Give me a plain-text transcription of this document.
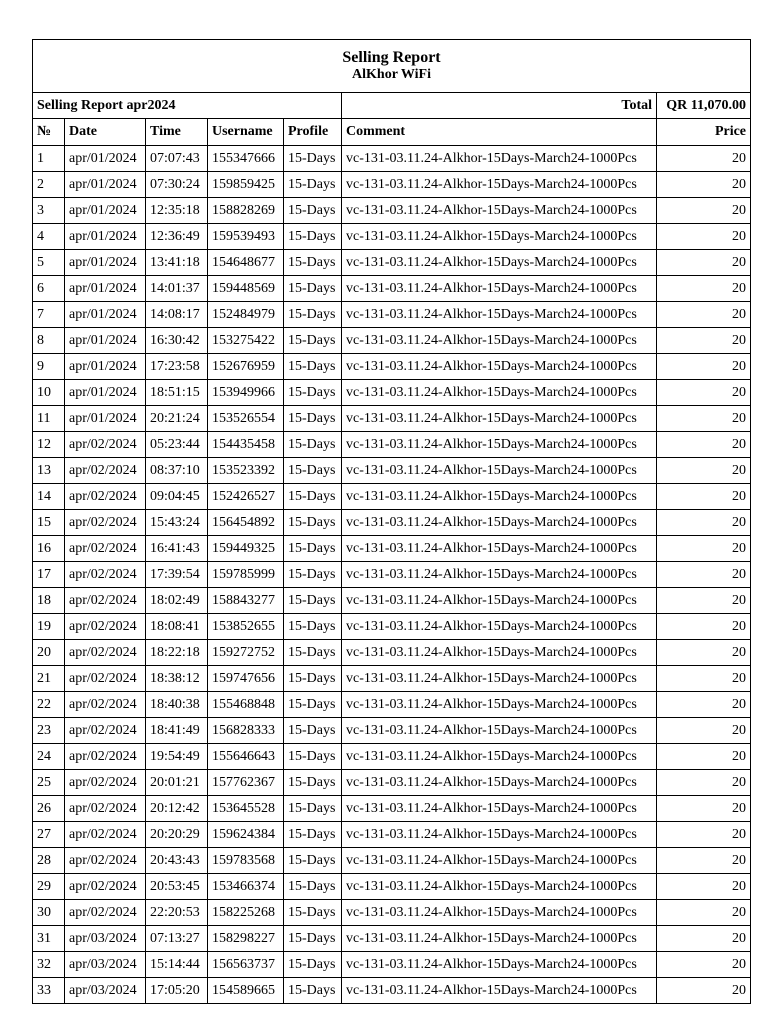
Selling Report
AlKhor WiFi						

Selling Report apr2024					Total	QR 11,070.00
№	Date	Time	Username	Profile	Comment	Price
1	apr/01/2024	07:07:43	155347666	15-Days	vc-131-03.11.24-Alkhor-15Days-March24-1000Pcs	20
2	apr/01/2024	07:30:24	159859425	15-Days	vc-131-03.11.24-Alkhor-15Days-March24-1000Pcs	20
3	apr/01/2024	12:35:18	158828269	15-Days	vc-131-03.11.24-Alkhor-15Days-March24-1000Pcs	20
4	apr/01/2024	12:36:49	159539493	15-Days	vc-131-03.11.24-Alkhor-15Days-March24-1000Pcs	20
5	apr/01/2024	13:41:18	154648677	15-Days	vc-131-03.11.24-Alkhor-15Days-March24-1000Pcs	20
6	apr/01/2024	14:01:37	159448569	15-Days	vc-131-03.11.24-Alkhor-15Days-March24-1000Pcs	20
7	apr/01/2024	14:08:17	152484979	15-Days	vc-131-03.11.24-Alkhor-15Days-March24-1000Pcs	20
8	apr/01/2024	16:30:42	153275422	15-Days	vc-131-03.11.24-Alkhor-15Days-March24-1000Pcs	20
9	apr/01/2024	17:23:58	152676959	15-Days	vc-131-03.11.24-Alkhor-15Days-March24-1000Pcs	20
10	apr/01/2024	18:51:15	153949966	15-Days	vc-131-03.11.24-Alkhor-15Days-March24-1000Pcs	20
11	apr/01/2024	20:21:24	153526554	15-Days	vc-131-03.11.24-Alkhor-15Days-March24-1000Pcs	20
12	apr/02/2024	05:23:44	154435458	15-Days	vc-131-03.11.24-Alkhor-15Days-March24-1000Pcs	20
13	apr/02/2024	08:37:10	153523392	15-Days	vc-131-03.11.24-Alkhor-15Days-March24-1000Pcs	20
14	apr/02/2024	09:04:45	152426527	15-Days	vc-131-03.11.24-Alkhor-15Days-March24-1000Pcs	20
15	apr/02/2024	15:43:24	156454892	15-Days	vc-131-03.11.24-Alkhor-15Days-March24-1000Pcs	20
16	apr/02/2024	16:41:43	159449325	15-Days	vc-131-03.11.24-Alkhor-15Days-March24-1000Pcs	20
17	apr/02/2024	17:39:54	159785999	15-Days	vc-131-03.11.24-Alkhor-15Days-March24-1000Pcs	20
18	apr/02/2024	18:02:49	158843277	15-Days	vc-131-03.11.24-Alkhor-15Days-March24-1000Pcs	20
19	apr/02/2024	18:08:41	153852655	15-Days	vc-131-03.11.24-Alkhor-15Days-March24-1000Pcs	20
20	apr/02/2024	18:22:18	159272752	15-Days	vc-131-03.11.24-Alkhor-15Days-March24-1000Pcs	20
21	apr/02/2024	18:38:12	159747656	15-Days	vc-131-03.11.24-Alkhor-15Days-March24-1000Pcs	20
22	apr/02/2024	18:40:38	155468848	15-Days	vc-131-03.11.24-Alkhor-15Days-March24-1000Pcs	20
23	apr/02/2024	18:41:49	156828333	15-Days	vc-131-03.11.24-Alkhor-15Days-March24-1000Pcs	20
24	apr/02/2024	19:54:49	155646643	15-Days	vc-131-03.11.24-Alkhor-15Days-March24-1000Pcs	20
25	apr/02/2024	20:01:21	157762367	15-Days	vc-131-03.11.24-Alkhor-15Days-March24-1000Pcs	20
26	apr/02/2024	20:12:42	153645528	15-Days	vc-131-03.11.24-Alkhor-15Days-March24-1000Pcs	20
27	apr/02/2024	20:20:29	159624384	15-Days	vc-131-03.11.24-Alkhor-15Days-March24-1000Pcs	20
28	apr/02/2024	20:43:43	159783568	15-Days	vc-131-03.11.24-Alkhor-15Days-March24-1000Pcs	20
29	apr/02/2024	20:53:45	153466374	15-Days	vc-131-03.11.24-Alkhor-15Days-March24-1000Pcs	20
30	apr/02/2024	22:20:53	158225268	15-Days	vc-131-03.11.24-Alkhor-15Days-March24-1000Pcs	20
31	apr/03/2024	07:13:27	158298227	15-Days	vc-131-03.11.24-Alkhor-15Days-March24-1000Pcs	20
32	apr/03/2024	15:14:44	156563737	15-Days	vc-131-03.11.24-Alkhor-15Days-March24-1000Pcs	20
33	apr/03/2024	17:05:20	154589665	15-Days	vc-131-03.11.24-Alkhor-15Days-March24-1000Pcs	20
